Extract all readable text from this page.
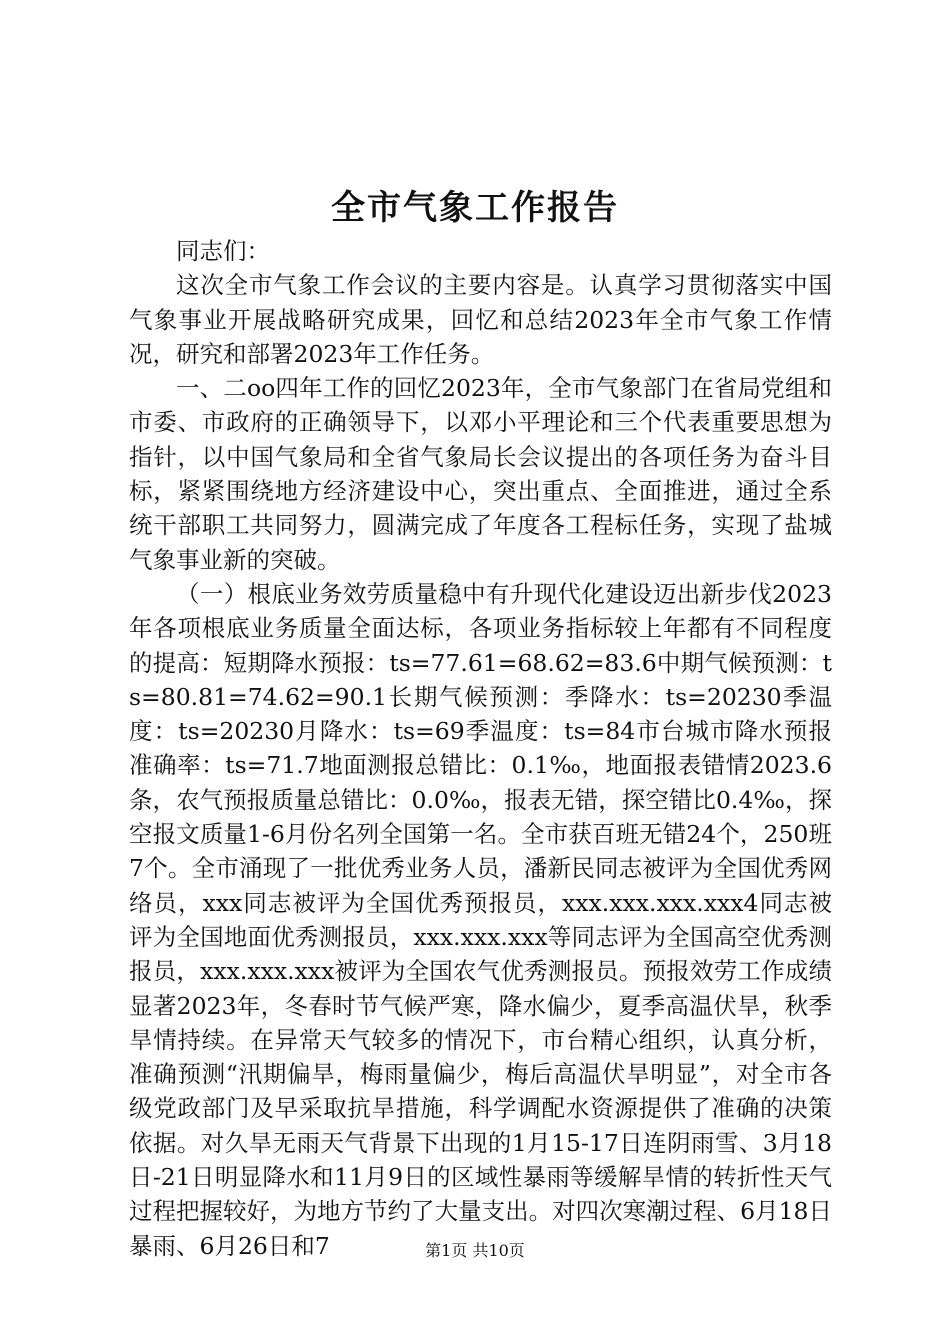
全市气象工作报告

同志们：

这次全市气象工作会议的主要内容是。认真学习贯彻落实中国气象事业开展战略研究成果，回忆和总结2023年全市气象工作情况，研究和部署2023年工作任务。

一、二oo四年工作的回忆2023年，全市气象部门在省局党组和市委、市政府的正确领导下，以邓小平理论和三个代表重要思想为指针，以中国气象局和全省气象局长会议提出的各项任务为奋斗目标，紧紧围绕地方经济建设中心，突出重点、全面推进，通过全系统干部职工共同努力，圆满完成了年度各工程标任务，实现了盐城气象事业新的突破。

（一）根底业务效劳质量稳中有升现代化建设迈出新步伐2023年各项根底业务质量全面达标，各项业务指标较上年都有不同程度的提高：短期降水预报：ts=77.61=68.62=83.6中期气候预测：ts=80.81=74.62=90.1长期气候预测：季降水：ts=20230季温度：ts=20230月降水：ts=69季温度：ts=84市台城市降水预报准确率：ts=71.7地面测报总错比：0.1‰，地面报表错情2023.6条，农气预报质量总错比：0.0‰，报表无错，探空错比0.4‰，探空报文质量1-6月份名列全国第一名。全市获百班无错24个，250班7个。全市涌现了一批优秀业务人员，潘新民同志被评为全国优秀网络员，xxx同志被评为全国优秀预报员，xxx.xxx.xxx.xxx4同志被评为全国地面优秀测报员，xxx.xxx.xxx等同志评为全国高空优秀测报员，xxx.xxx.xxx被评为全国农气优秀测报员。预报效劳工作成绩显著2023年，冬春时节气候严寒，降水偏少，夏季高温伏旱，秋季旱情持续。在异常天气较多的情况下，市台精心组织，认真分析，准确预测“汛期偏旱，梅雨量偏少，梅后高温伏旱明显”，对全市各级党政部门及早采取抗旱措施，科学调配水资源提供了准确的决策依据。对久旱无雨天气背景下出现的1月15-17日连阴雨雪、3月18日-21日明显降水和11月9日的区域性暴雨等缓解旱情的转折性天气过程把握较好，为地方节约了大量支出。对四次寒潮过程、6月18日暴雨、6月26日和7	第1页 共10页
